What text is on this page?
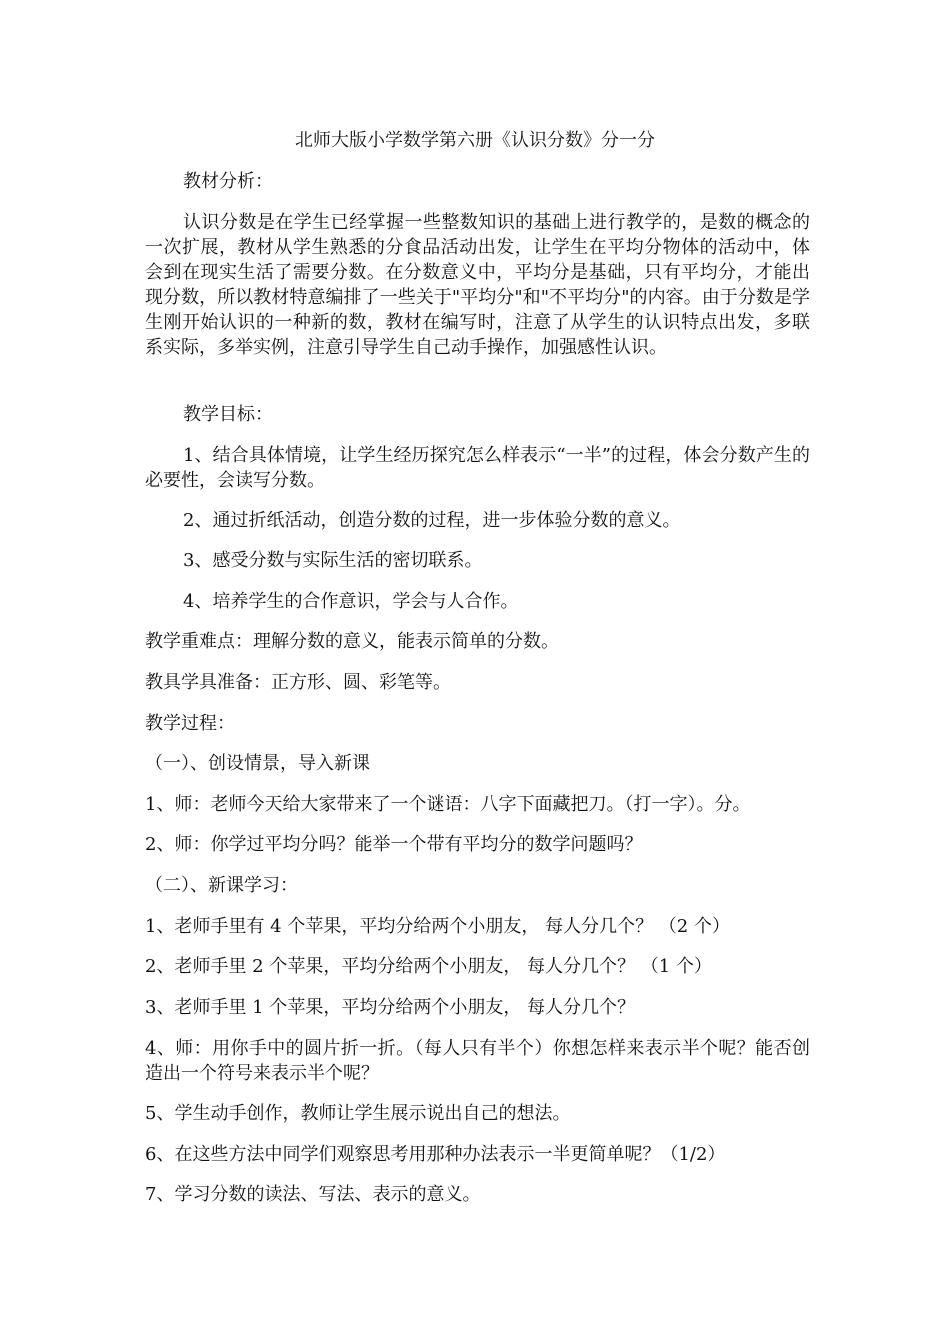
北师大版小学数学第六册《认识分数》分一分
教材分析：
认识分数是在学生已经掌握一些整数知识的基础上进行教学的，是数的概念的一次扩展，教材从学生熟悉的分食品活动出发，让学生在平均分物体的活动中，体会到在现实生活了需要分数。在分数意义中，平均分是基础，只有平均分，才能出现分数，所以教材特意编排了一些关于"平均分"和"不平均分"的内容。由于分数是学生刚开始认识的一种新的数，教材在编写时，注意了从学生的认识特点出发，多联系实际，多举实例，注意引导学生自己动手操作，加强感性认识。
教学目标：
1、结合具体情境，让学生经历探究怎么样表示“一半”的过程，体会分数产生的必要性，会读写分数。
2、通过折纸活动，创造分数的过程，进一步体验分数的意义。
3、感受分数与实际生活的密切联系。
4、培养学生的合作意识，学会与人合作。
教学重难点：理解分数的意义，能表示简单的分数。
教具学具准备：正方形、圆、彩笔等。
教学过程：
（一）、创设情景，导入新课
1、师：老师今天给大家带来了一个谜语：八字下面藏把刀。（打一字）。分。
2、师：你学过平均分吗？能举一个带有平均分的数学问题吗？
（二）、新课学习：
1、老师手里有 4 个苹果，平均分给两个小朋友， 每人分几个？ （2 个）
2、老师手里 2 个苹果，平均分给两个小朋友， 每人分几个？ （1 个）
3、老师手里 1 个苹果，平均分给两个小朋友， 每人分几个？
4、师：用你手中的圆片折一折。（每人只有半个）你想怎样来表示半个呢？能否创造出一个符号来表示半个呢？
5、学生动手创作，教师让学生展示说出自己的想法。
6、在这些方法中同学们观察思考用那种办法表示一半更简单呢？（1/2）
7、学习分数的读法、写法、表示的意义。
